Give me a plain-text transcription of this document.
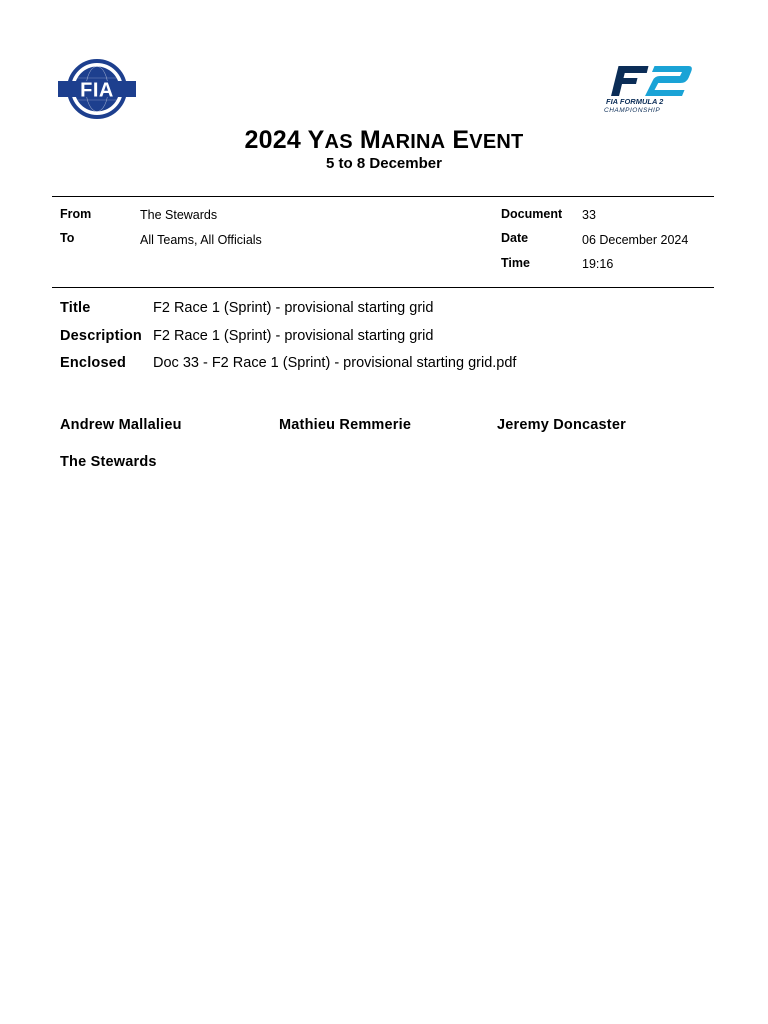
FIA	FIA FORMULA 2
CHAMPIONSHIP
2024 YAS MARINA EVENT
5 to 8 December
From	The Stewards
To	All Teams, All Officials
Document 33
Date	06 December 2024
Time	19:16
Title	F2 Race 1 (Sprint) - provisional starting grid
Description F2 Race 1 (Sprint) - provisional starting grid
Enclosed Doc 33 - F2 Race 1 (Sprint) - provisional starting grid.pdf
Andrew Mallalieu	Mathieu Remmerie	Jeremy Doncaster
The Stewards
